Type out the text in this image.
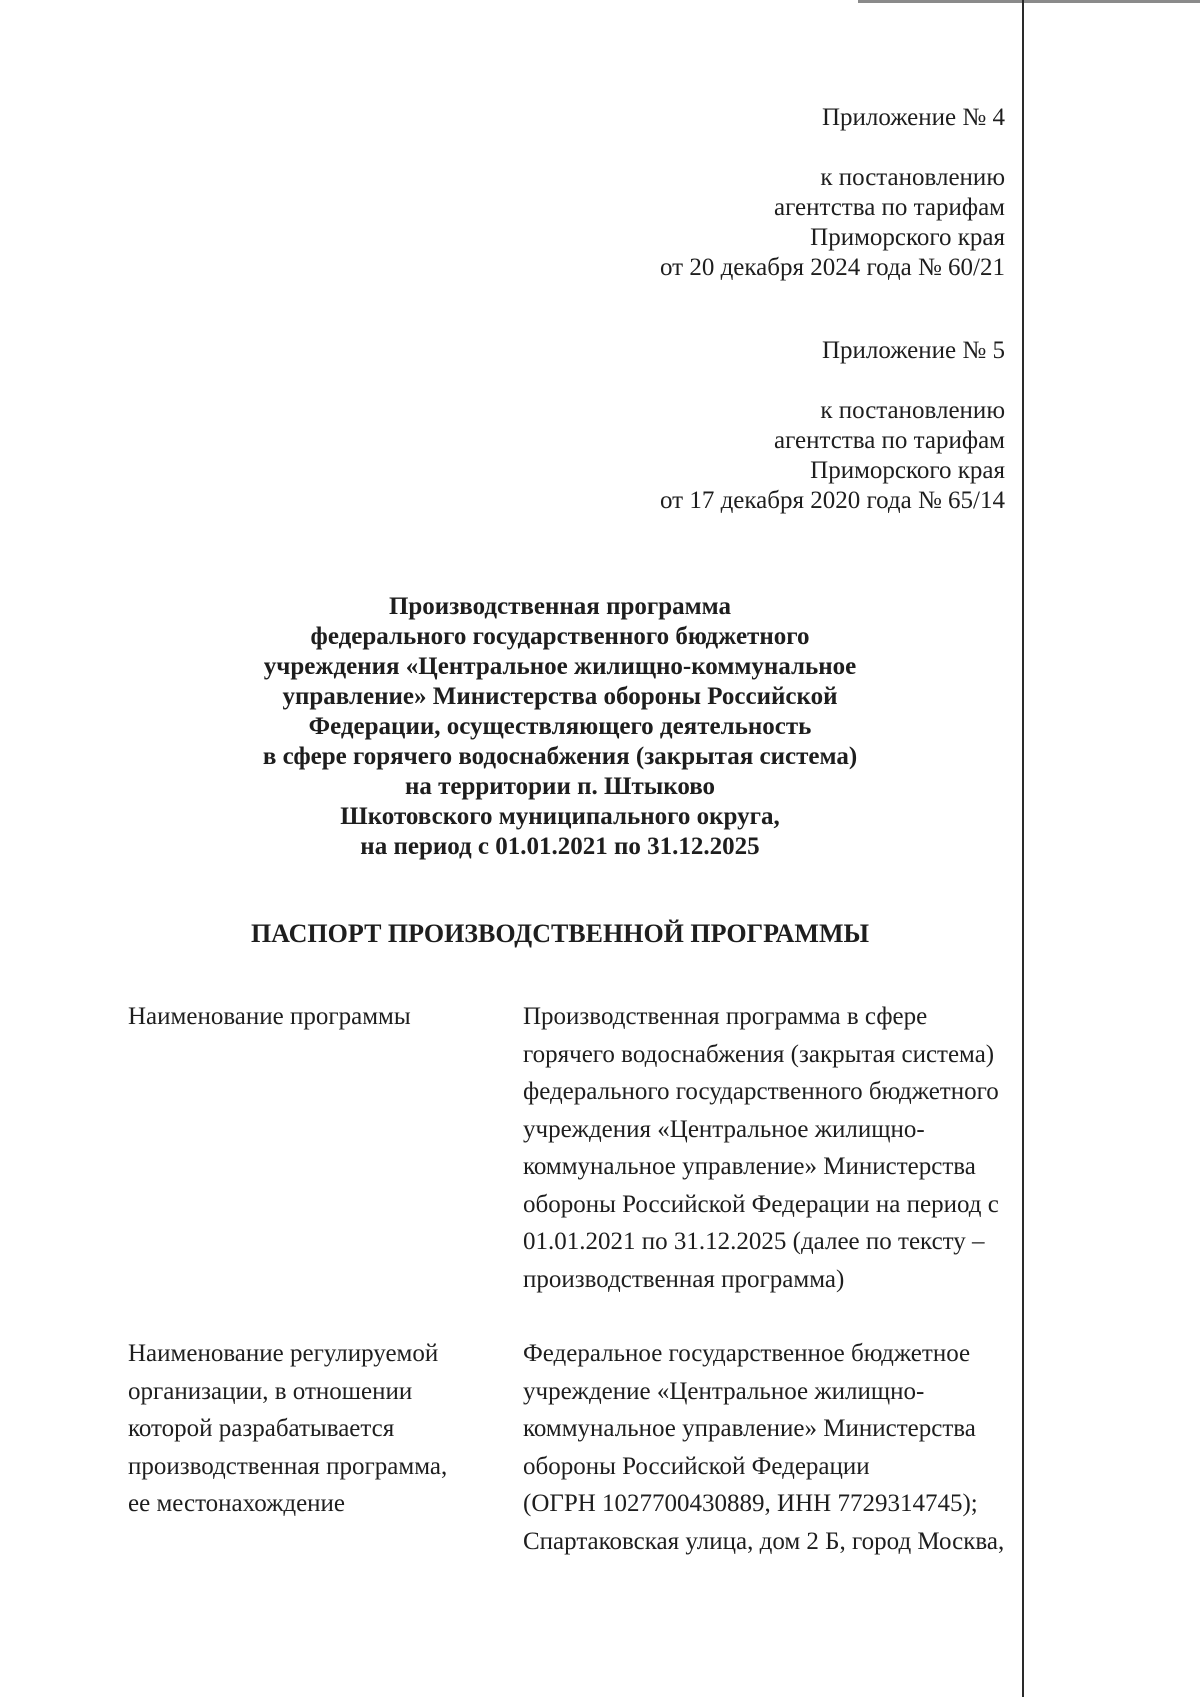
Приложение № 4

к постановлению

агентства по тарифам

Приморского края

от 20 декабря 2024 года № 60/21

Приложение № 5

к постановлению

агентства по тарифам

Приморского края

от 17 декабря 2020 года № 65/14

Производственная программа
федерального государственного бюджетного
учреждения «Центральное жилищно-коммунальное
управление» Министерства обороны Российской
Федерации, осуществляющего деятельность
в сфере горячего водоснабжения (закрытая система)
на территории п. Штыково
Шкотовского муниципального округа,
на период с 01.01.2021 по 31.12.2025
ПАСПОРТ ПРОИЗВОДСТВЕННОЙ ПРОГРАММЫ
Наименование программы	Производственная программа в сфере
горячего водоснабжения (закрытая система)
федерального государственного бюджетного
учреждения «Центральное жилищно-
коммунальное управление» Министерства
обороны Российской Федерации на период с
01.01.2021 по 31.12.2025 (далее по тексту –
производственная программа)
Наименование регулируемой
организации, в отношении
которой разрабатывается
производственная программа,
ее местонахождение
Федеральное государственное бюджетное
учреждение «Центральное жилищно-
коммунальное управление» Министерства
обороны Российской Федерации
(ОГРН 1027700430889, ИНН 7729314745);
Спартаковская улица, дом 2 Б, город Москва,
